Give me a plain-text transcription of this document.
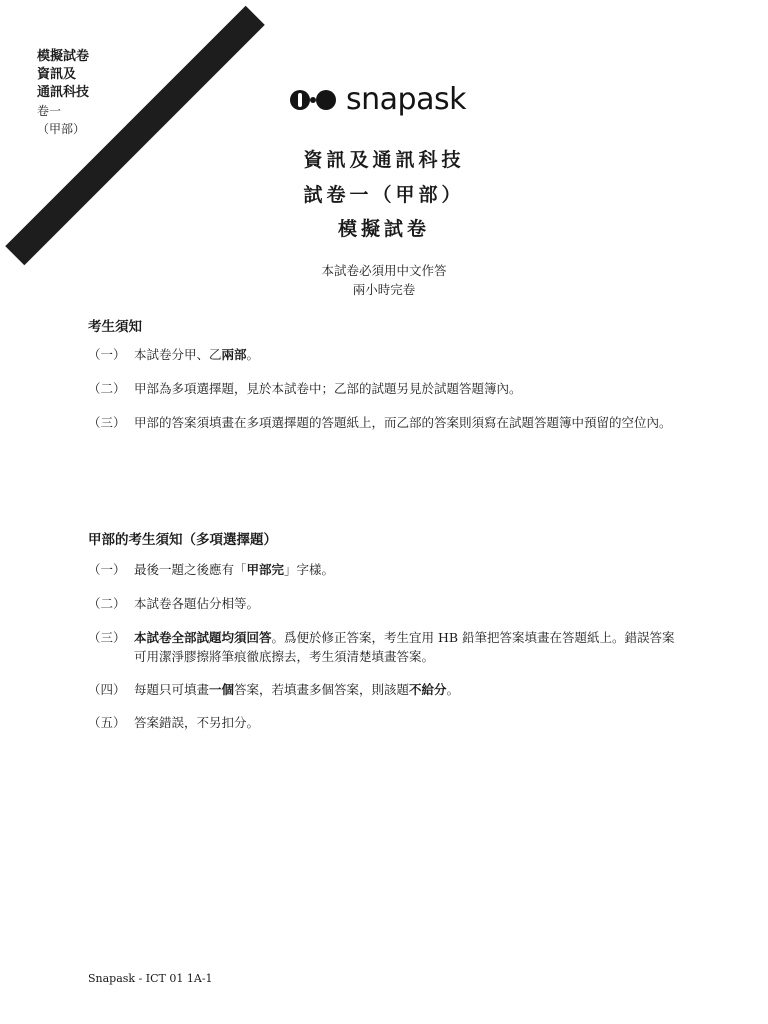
模擬試卷
資訊及
通訊科技
卷一
（甲部）
MC	snapask
資訊及通訊科技
試卷一（甲部）
模擬試卷
本試卷必須用中文作答
兩小時完卷
考生須知
（一） 本試卷分甲、乙兩部。
（二） 甲部為多項選擇題，見於本試卷中；乙部的試題另見於試題答題簿內。
（三） 甲部的答案須填畫在多項選擇題的答題紙上，而乙部的答案則須寫在試題答題簿中預留的空位內。
甲部的考生須知（多項選擇題）
（一） 最後一題之後應有「甲部完」字樣。
（二） 本試卷各題佔分相等。
（三） 本試卷全部試題均須回答。爲便於修正答案，考生宜用 HB 鉛筆把答案填畫在答題紙上。錯誤答案可用潔淨膠擦將筆痕徹底擦去，考生須清楚填畫答案。
（四） 每題只可填畫一個答案，若填畫多個答案，則該題不給分。
（五） 答案錯誤，不另扣分。
Snapask - ICT 01 1A-1
